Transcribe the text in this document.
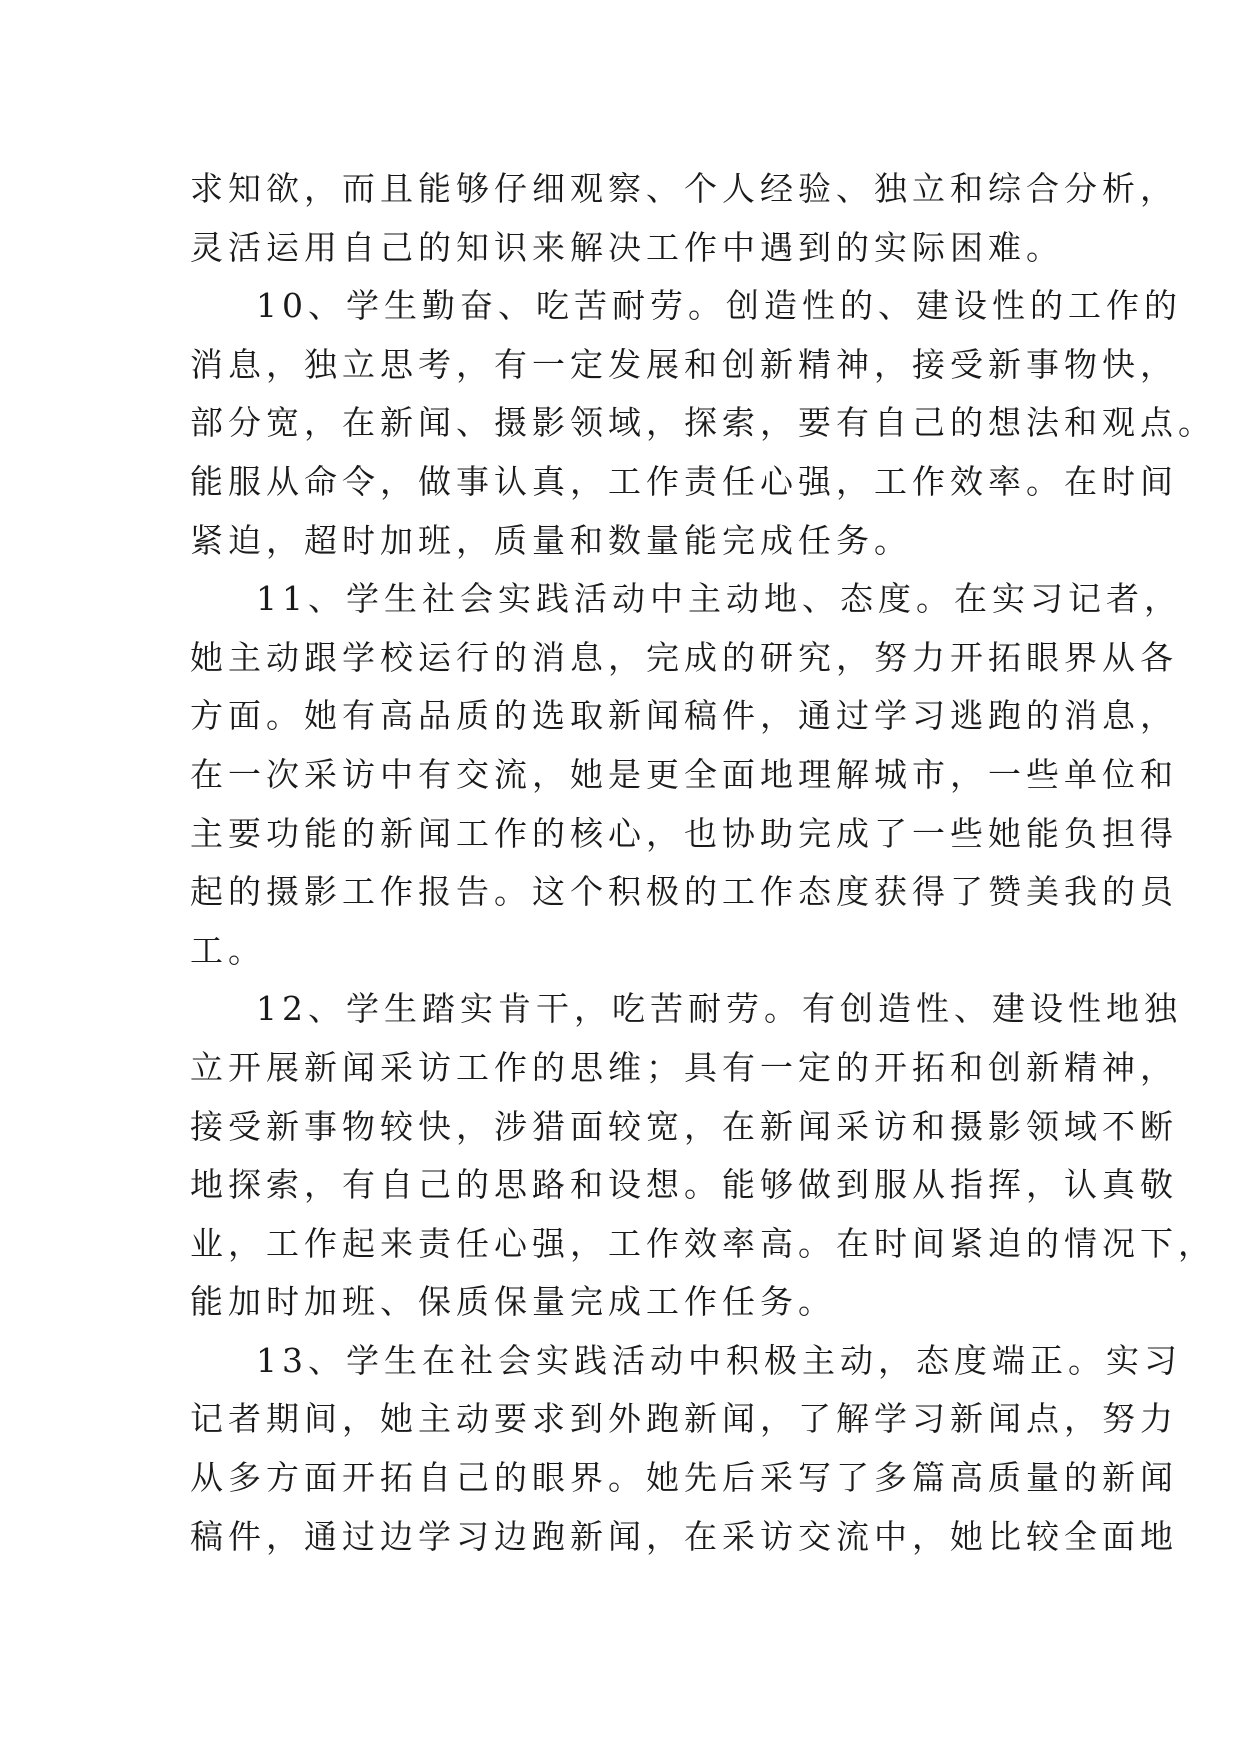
求知欲，而且能够仔细观察、个人经验、独立和综合分析，
灵活运用自己的知识来解决工作中遇到的实际困难。
10、学生勤奋、吃苦耐劳。创造性的、建设性的工作的
消息，独立思考，有一定发展和创新精神，接受新事物快，
部分宽，在新闻、摄影领域，探索，要有自己的想法和观点。
能服从命令，做事认真，工作责任心强，工作效率。在时间
紧迫，超时加班，质量和数量能完成任务。
11、学生社会实践活动中主动地、态度。在实习记者，
她主动跟学校运行的消息，完成的研究，努力开拓眼界从各
方面。她有高品质的选取新闻稿件，通过学习逃跑的消息，
在一次采访中有交流，她是更全面地理解城市，一些单位和
主要功能的新闻工作的核心，也协助完成了一些她能负担得
起的摄影工作报告。这个积极的工作态度获得了赞美我的员
工。
12、学生踏实肯干，吃苦耐劳。有创造性、建设性地独
立开展新闻采访工作的思维；具有一定的开拓和创新精神，
接受新事物较快，涉猎面较宽，在新闻采访和摄影领域不断
地探索，有自己的思路和设想。能够做到服从指挥，认真敬
业，工作起来责任心强，工作效率高。在时间紧迫的情况下，
能加时加班、保质保量完成工作任务。
13、学生在社会实践活动中积极主动，态度端正。实习
记者期间，她主动要求到外跑新闻，了解学习新闻点，努力
从多方面开拓自己的眼界。她先后采写了多篇高质量的新闻
稿件，通过边学习边跑新闻，在采访交流中，她比较全面地
